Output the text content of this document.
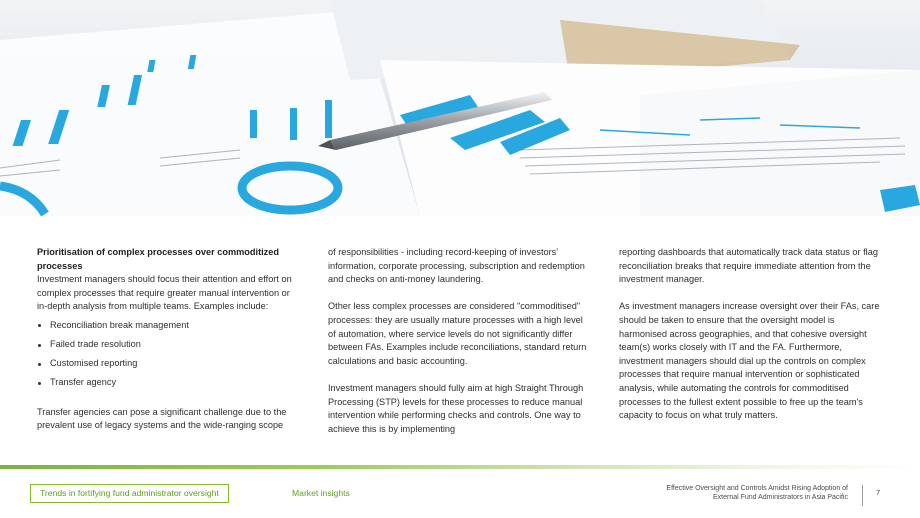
Prioritisation of complex processes over commoditized processes

Investment managers should focus their attention and effort on complex processes that require greater manual intervention or in-depth analysis from multiple teams. Examples include:

Reconciliation break management
Failed trade resolution
Customised reporting
Transfer agency

Transfer agencies can pose a significant challenge due to the prevalent use of legacy systems and the wide-ranging scope

of responsibilities - including record-keeping of investors' information, corporate processing, subscription and redemption and checks on anti-money laundering.

Other less complex processes are considered "commoditised" processes: they are usually mature processes with a high level of automation, where service levels do not significantly differ between FAs. Examples include reconciliations, standard return calculations and basic accounting.

Investment managers should fully aim at high Straight Through Processing (STP) levels for these processes to reduce manual intervention while performing checks and controls. One way to achieve this is by implementing

reporting dashboards that automatically track data status or flag reconciliation breaks that require immediate attention from the investment manager.

As investment managers increase oversight over their FAs, care should be taken to ensure that the oversight model is harmonised across geographies, and that cohesive oversight team(s) works closely with IT and the FA. Furthermore, investment managers should dial up the controls on complex processes that require manual intervention or sophisticated analysis, while automating the controls for commoditised processes to the fullest extent possible to free up the team's capacity to focus on what truly matters.

Trends in fortifying fund administrator oversight	Market insights	Effective Oversight and Controls Amidst Rising Adoption of
External Fund Administrators in Asia Pacific
7
